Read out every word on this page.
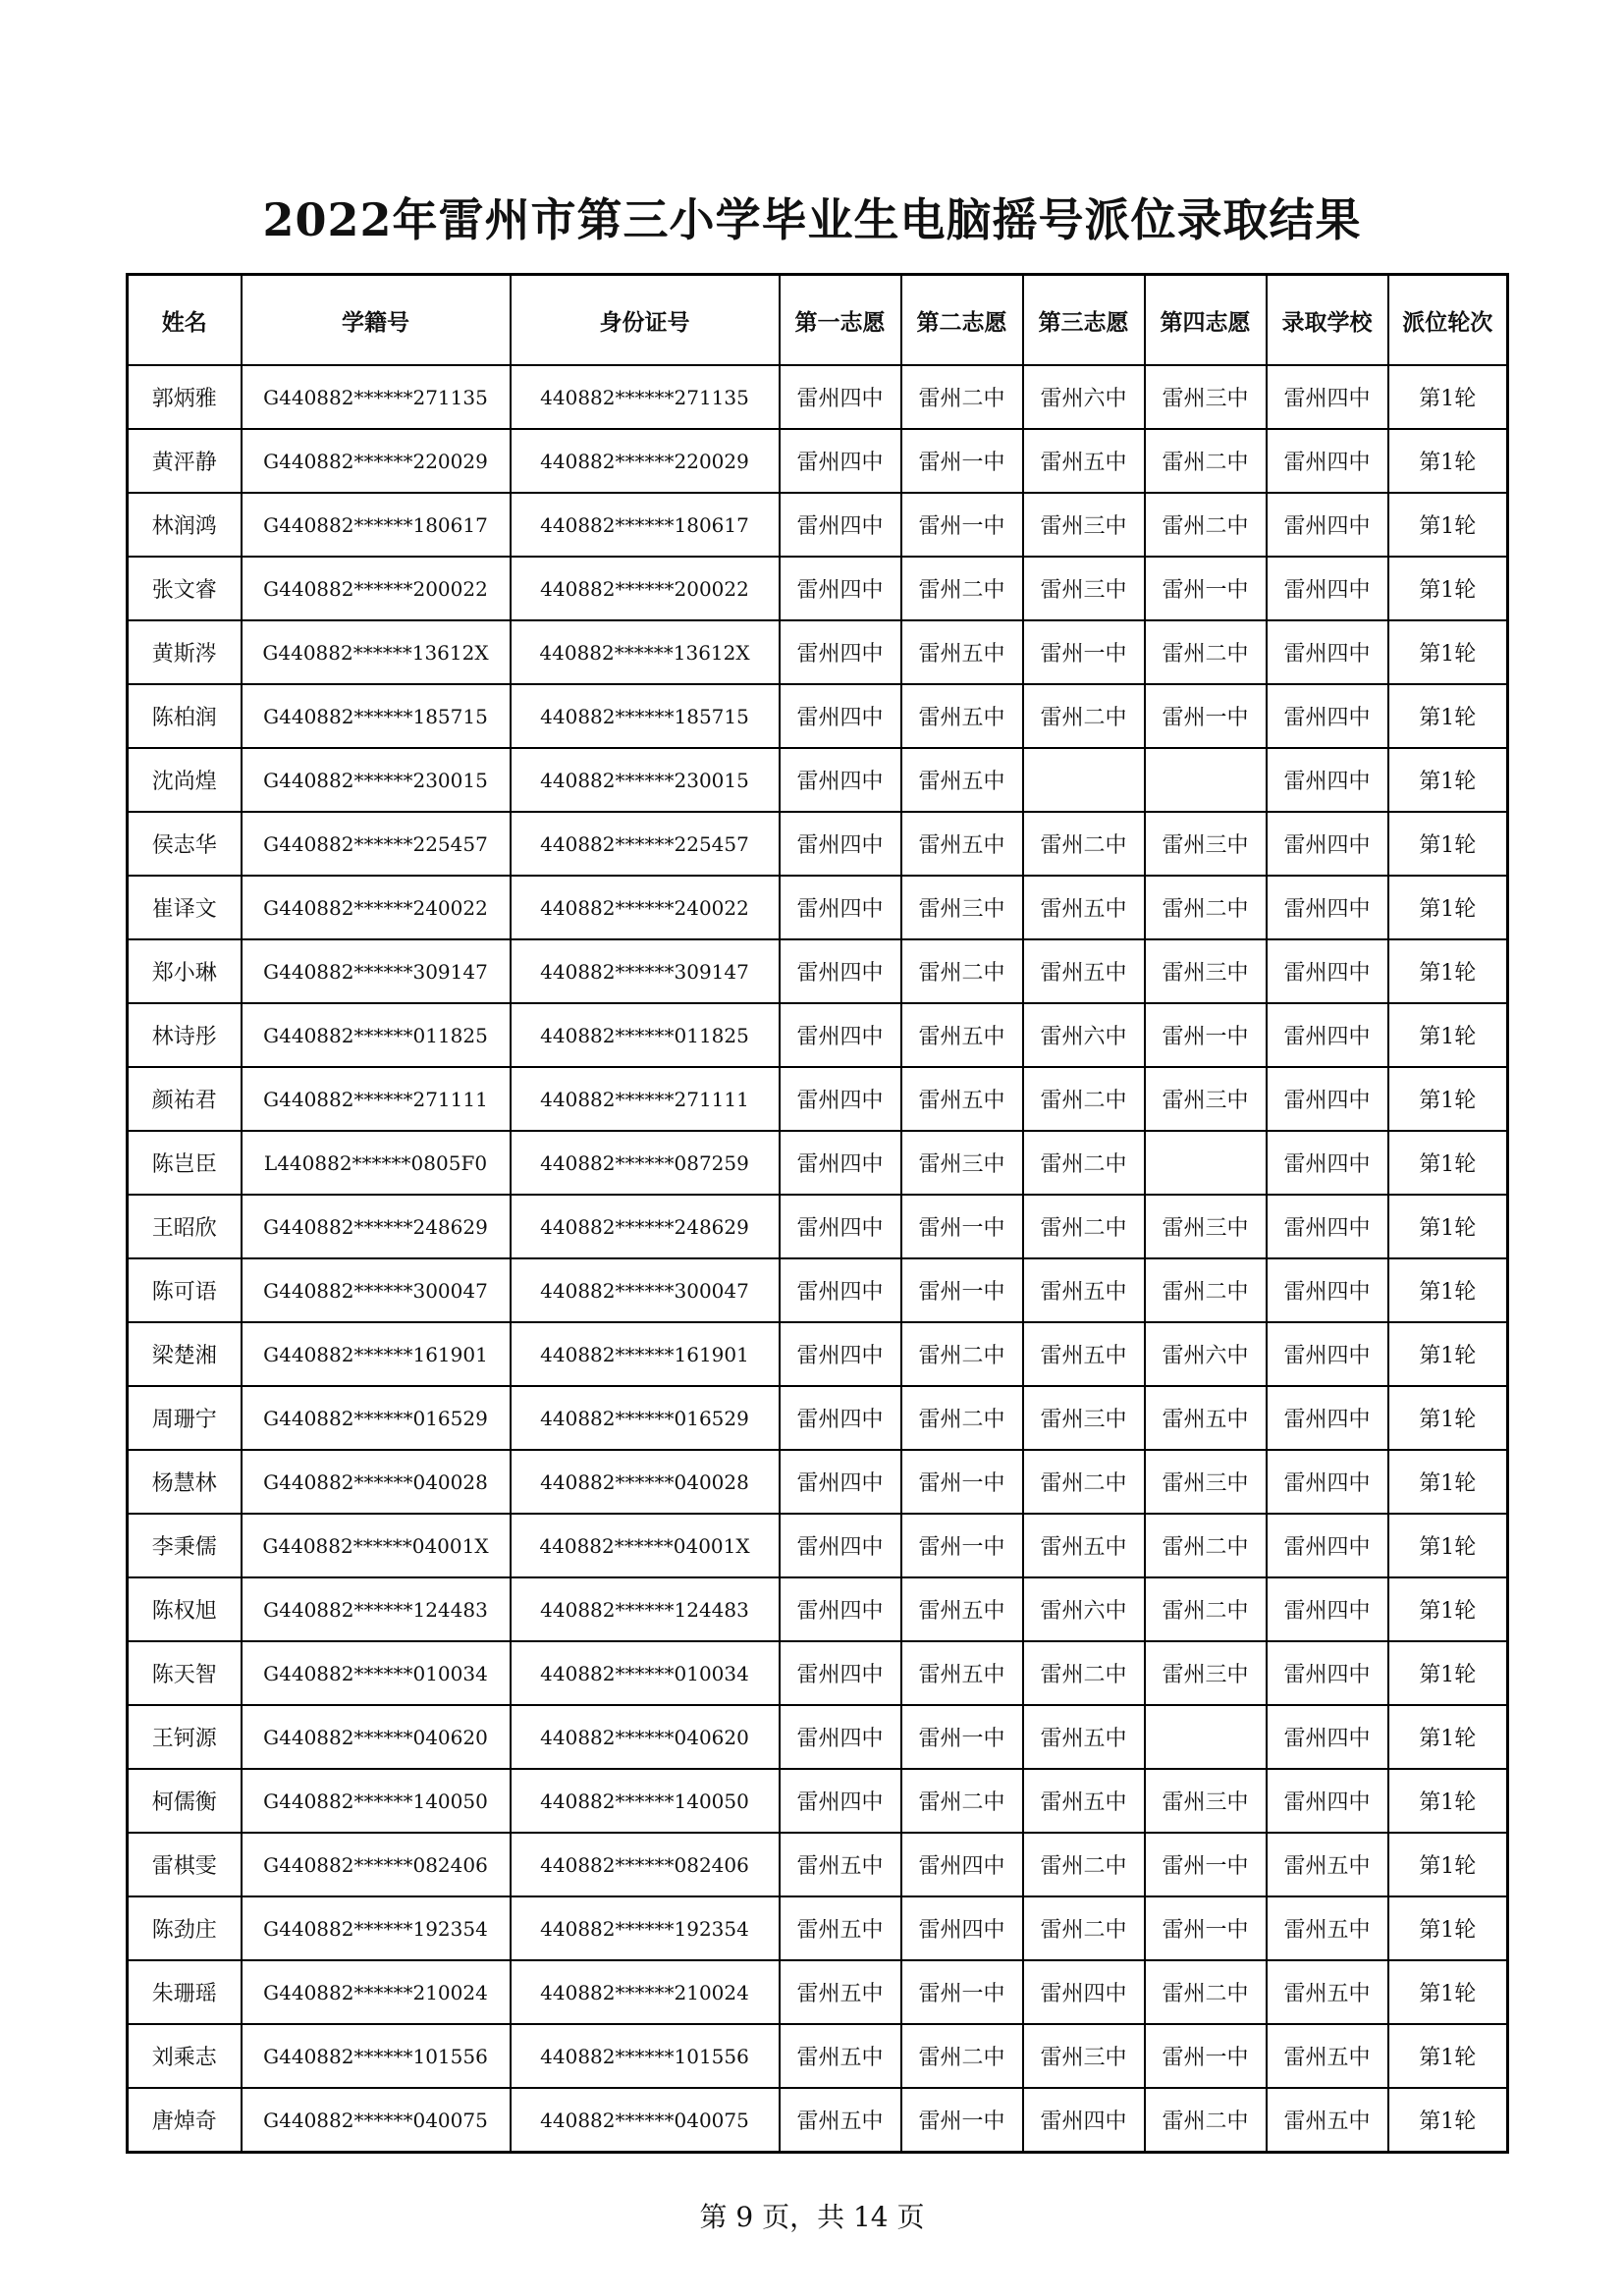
2022年雷州市第三小学毕业生电脑摇号派位录取结果
姓名	学籍号	身份证号	第一志愿	第二志愿	第三志愿	第四志愿	录取学校	派位轮次
郭炳雅	G440882******271135	440882******271135	雷州四中	雷州二中	雷州六中	雷州三中	雷州四中	第1轮
黄泙静	G440882******220029	440882******220029	雷州四中	雷州一中	雷州五中	雷州二中	雷州四中	第1轮
林润鸿	G440882******180617	440882******180617	雷州四中	雷州一中	雷州三中	雷州二中	雷州四中	第1轮
张文睿	G440882******200022	440882******200022	雷州四中	雷州二中	雷州三中	雷州一中	雷州四中	第1轮
黄斯涔	G440882******13612X	440882******13612X	雷州四中	雷州五中	雷州一中	雷州二中	雷州四中	第1轮
陈柏润	G440882******185715	440882******185715	雷州四中	雷州五中	雷州二中	雷州一中	雷州四中	第1轮
沈尚煌	G440882******230015	440882******230015	雷州四中	雷州五中			雷州四中	第1轮
侯志华	G440882******225457	440882******225457	雷州四中	雷州五中	雷州二中	雷州三中	雷州四中	第1轮
崔译文	G440882******240022	440882******240022	雷州四中	雷州三中	雷州五中	雷州二中	雷州四中	第1轮
郑小琳	G440882******309147	440882******309147	雷州四中	雷州二中	雷州五中	雷州三中	雷州四中	第1轮
林诗彤	G440882******011825	440882******011825	雷州四中	雷州五中	雷州六中	雷州一中	雷州四中	第1轮
颜祐君	G440882******271111	440882******271111	雷州四中	雷州五中	雷州二中	雷州三中	雷州四中	第1轮
陈岂臣	L440882******0805F0	440882******087259	雷州四中	雷州三中	雷州二中		雷州四中	第1轮
王昭欣	G440882******248629	440882******248629	雷州四中	雷州一中	雷州二中	雷州三中	雷州四中	第1轮
陈可语	G440882******300047	440882******300047	雷州四中	雷州一中	雷州五中	雷州二中	雷州四中	第1轮
梁楚湘	G440882******161901	440882******161901	雷州四中	雷州二中	雷州五中	雷州六中	雷州四中	第1轮
周珊宁	G440882******016529	440882******016529	雷州四中	雷州二中	雷州三中	雷州五中	雷州四中	第1轮
杨慧林	G440882******040028	440882******040028	雷州四中	雷州一中	雷州二中	雷州三中	雷州四中	第1轮
李秉儒	G440882******04001X	440882******04001X	雷州四中	雷州一中	雷州五中	雷州二中	雷州四中	第1轮
陈权旭	G440882******124483	440882******124483	雷州四中	雷州五中	雷州六中	雷州二中	雷州四中	第1轮
陈天智	G440882******010034	440882******010034	雷州四中	雷州五中	雷州二中	雷州三中	雷州四中	第1轮
王钶源	G440882******040620	440882******040620	雷州四中	雷州一中	雷州五中		雷州四中	第1轮
柯儒衡	G440882******140050	440882******140050	雷州四中	雷州二中	雷州五中	雷州三中	雷州四中	第1轮
雷棋雯	G440882******082406	440882******082406	雷州五中	雷州四中	雷州二中	雷州一中	雷州五中	第1轮
陈劲庄	G440882******192354	440882******192354	雷州五中	雷州四中	雷州二中	雷州一中	雷州五中	第1轮
朱珊瑶	G440882******210024	440882******210024	雷州五中	雷州一中	雷州四中	雷州二中	雷州五中	第1轮
刘乘志	G440882******101556	440882******101556	雷州五中	雷州二中	雷州三中	雷州一中	雷州五中	第1轮
唐焯奇	G440882******040075	440882******040075	雷州五中	雷州一中	雷州四中	雷州二中	雷州五中	第1轮
第 9 页，共 14 页
